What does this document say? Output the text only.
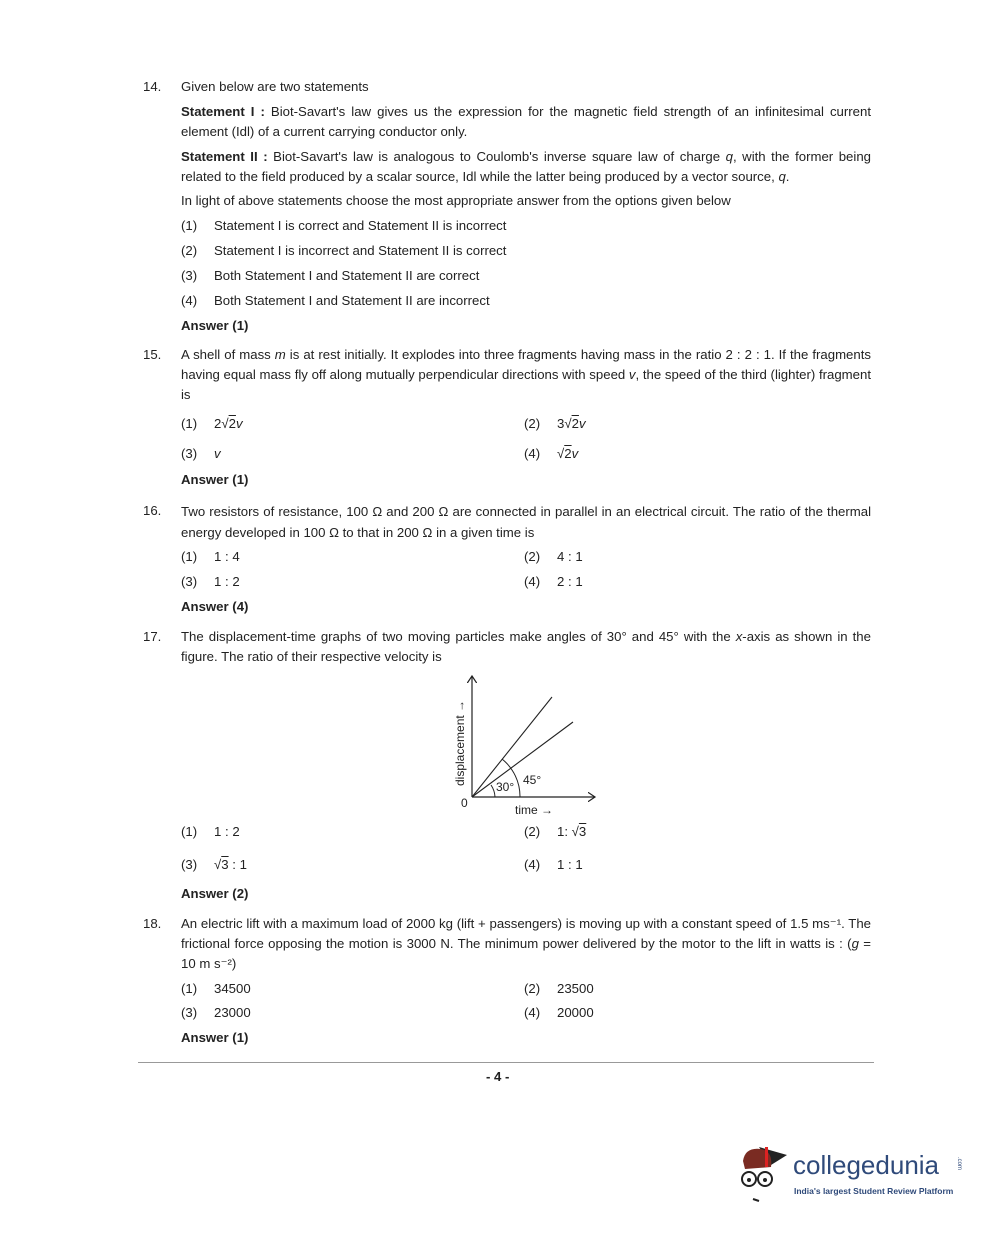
14. Given below are two statements
Statement I : Biot-Savart's law gives us the expression for the magnetic field strength of an infinitesimal current element (Idl) of a current carrying conductor only.
Statement II : Biot-Savart's law is analogous to Coulomb's inverse square law of charge q, with the former being related to the field produced by a scalar source, Idl while the latter being produced by a vector source, q.
In light of above statements choose the most appropriate answer from the options given below
(1) Statement I is correct and Statement II is incorrect
(2) Statement I is incorrect and Statement II is correct
(3) Both Statement I and Statement II are correct
(4) Both Statement I and Statement II are incorrect
Answer (1)
15. A shell of mass m is at rest initially. It explodes into three fragments having mass in the ratio 2 : 2 : 1. If the fragments having equal mass fly off along mutually perpendicular directions with speed v, the speed of the third (lighter) fragment is
(1) 2√2v	(2) 3√2v
(3) v	(4) √2v
Answer (1)
16. Two resistors of resistance, 100 Ω and 200 Ω are connected in parallel in an electrical circuit. The ratio of the thermal energy developed in 100 Ω to that in 200 Ω in a given time is
(1) 1 : 4	(2) 4 : 1
(3) 1 : 2	(4) 2 : 1
Answer (4)
17. The displacement-time graphs of two moving particles make angles of 30° and 45° with the x-axis as shown in the figure. The ratio of their respective velocity is
30° 45°
0	time →
displacement →
(1) 1 : 2	(2) 1: √3
(3) √3 : 1	(4) 1 : 1
Answer (2)
18. An electric lift with a maximum load of 2000 kg (lift + passengers) is moving up with a constant speed of 1.5 ms⁻¹. The frictional force opposing the motion is 3000 N. The minimum power delivered by the motor to the lift in watts is : (g = 10 m s⁻²)
(1) 34500	(2) 23500
(3) 23000	(4) 20000
Answer (1)
- 4 -
collegedunia	.com
India's largest Student Review Platform
